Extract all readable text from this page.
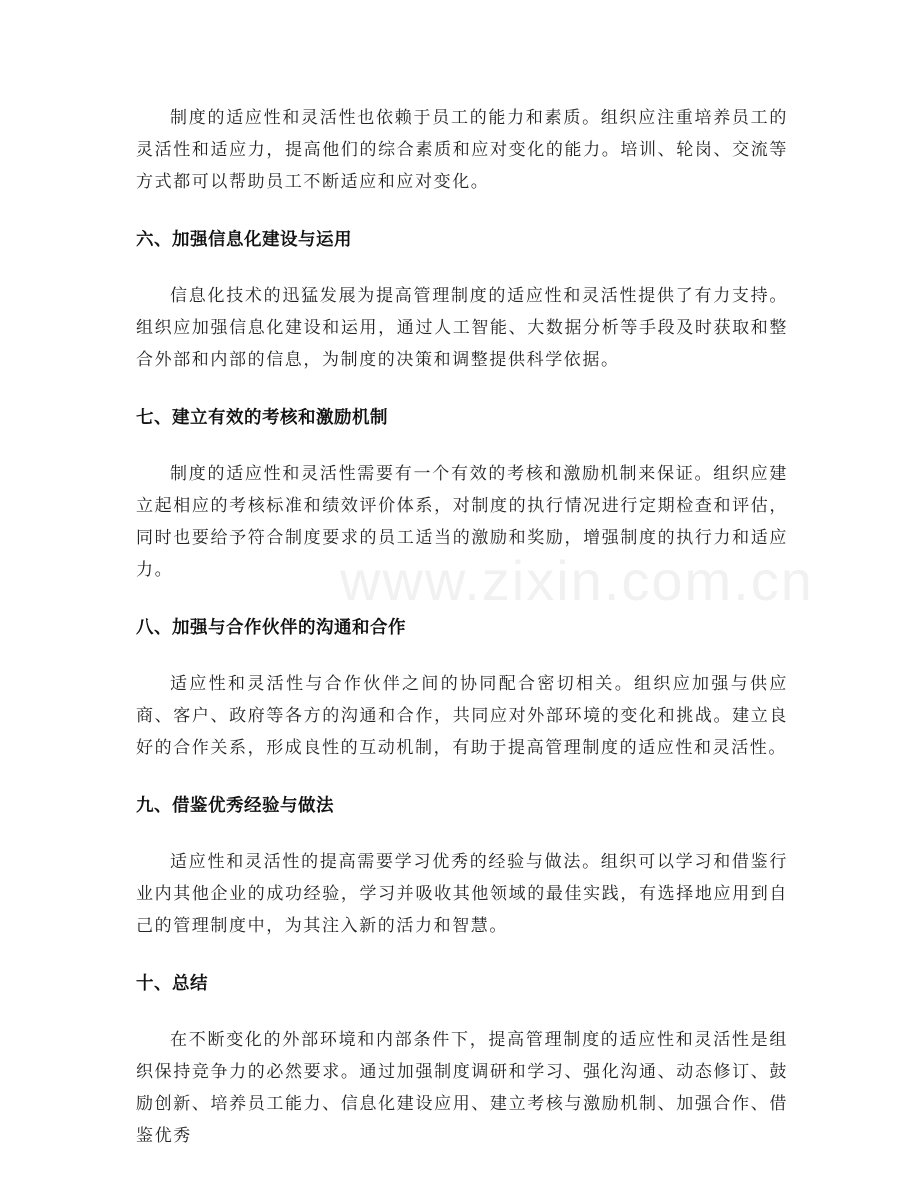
制度的适应性和灵活性也依赖于员工的能力和素质。组织应注重培养员工的灵活性和适应力，提高他们的综合素质和应对变化的能力。培训、轮岗、交流等方式都可以帮助员工不断适应和应对变化。

六、加强信息化建设与运用

信息化技术的迅猛发展为提高管理制度的适应性和灵活性提供了有力支持。组织应加强信息化建设和运用，通过人工智能、大数据分析等手段及时获取和整合外部和内部的信息，为制度的决策和调整提供科学依据。

七、建立有效的考核和激励机制

制度的适应性和灵活性需要有一个有效的考核和激励机制来保证。组织应建立起相应的考核标准和绩效评价体系，对制度的执行情况进行定期检查和评估，同时也要给予符合制度要求的员工适当的激励和奖励，增强制度的执行力和适应力。

八、加强与合作伙伴的沟通和合作

适应性和灵活性与合作伙伴之间的协同配合密切相关。组织应加强与供应商、客户、政府等各方的沟通和合作，共同应对外部环境的变化和挑战。建立良好的合作关系，形成良性的互动机制，有助于提高管理制度的适应性和灵活性。

九、借鉴优秀经验与做法

适应性和灵活性的提高需要学习优秀的经验与做法。组织可以学习和借鉴行业内其他企业的成功经验，学习并吸收其他领域的最佳实践，有选择地应用到自己的管理制度中，为其注入新的活力和智慧。

十、总结

在不断变化的外部环境和内部条件下，提高管理制度的适应性和灵活性是组织保持竞争力的必然要求。通过加强制度调研和学习、强化沟通、动态修订、鼓励创新、培养员工能力、信息化建设应用、建立考核与激励机制、加强合作、借鉴优秀

www.zixin.com.cn
